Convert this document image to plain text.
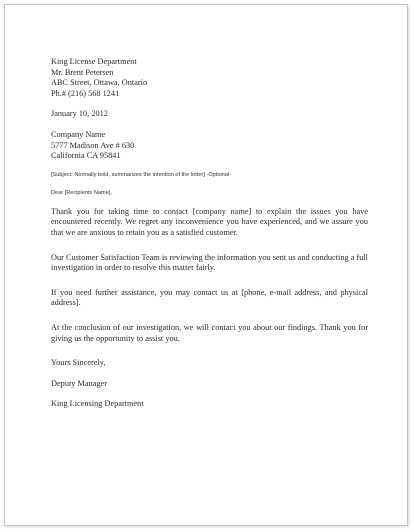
King License Department
Mr. Brent Petersen
ABC Street, Ottawa, Ontario
Ph.# (216) 568 1241
January 10, 2012
Company Name
5777 Madison Ave # 630
California CA 95841
[Subject: Normally bold, summarizes the intention of the letter] -Optional-
Dear [Recipients Name],

Thank you for taking time to contact [company name] to explain the issues you have encountered recently. We regret any inconvenience you have experienced, and we assure you that we are anxious to retain you as a satisfied customer.

Our Customer Satisfaction Team is reviewing the information you sent us and conducting a full investigation in order to resolve this matter fairly.

If you need further assistance, you may contact us at [phone, e-mail address, and physical address].

At the conclusion of our investigation, we will contact you about our findings. Thank you for giving us the opportunity to assist you.

Yours Sincerely,
Deputy Manager
King Licensing Department
